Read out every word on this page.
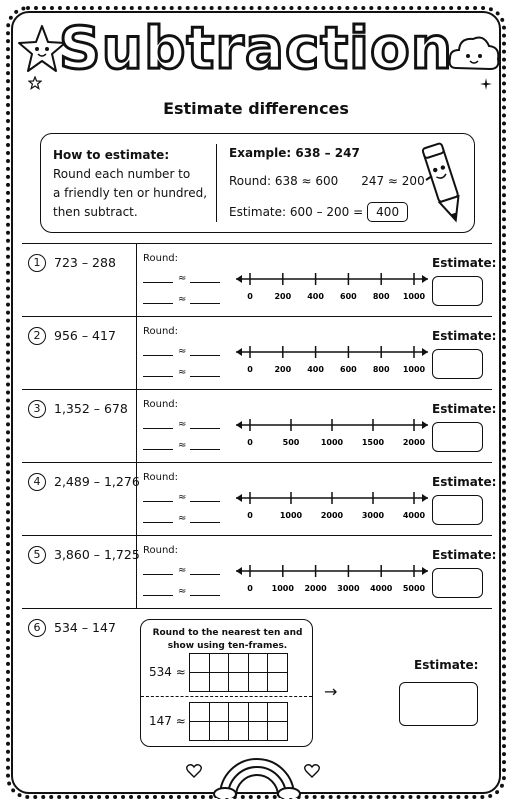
Subtraction
Estimate differences
How to estimate:
Round each number to
a friendly ten or hundred,
then subtract.
Example: 638 – 247
Round: 638 ≈ 600      247 ≈ 200
Estimate: 600 – 200 = 400
1	723 – 288	Round:
≈
≈	0	200 400 600 800 1000
Estimate:
2	956 – 417	Round:
≈
≈	0	200 400 600 800 1000
Estimate:
3	1,352 – 678 Round:
≈
≈	0	500	1000 1500 2000
Estimate:
4	2,489 – 1,276 Round:
≈
≈	0	1000 2000 3000 4000
Estimate:
5	3,860 – 1,725 Round:
≈
≈	0 1000 2000 3000 4000 5000
Estimate:
6	534 – 147	Round to the nearest ten and
show using ten-frames.
534 ≈

147 ≈

→
Estimate:
